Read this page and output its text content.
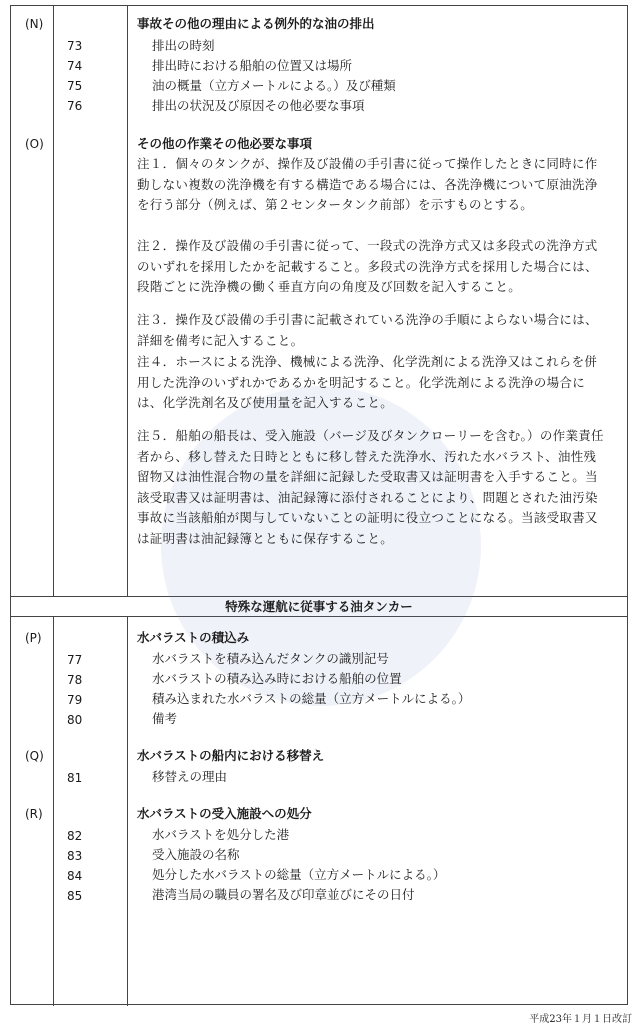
(N)	事故その他の理由による例外的な油の排出
73	排出の時刻
74	排出時における船舶の位置又は場所
75	油の概量（立方メートルによる。）及び種類
76	排出の状況及び原因その他必要な事項
(O)	その他の作業その他必要な事項
注１．個々のタンクが、操作及び設備の手引書に従って操作したときに同時に作動しない複数の洗浄機を有する構造である場合には、各洗浄機について原油洗浄を行う部分（例えば、第２センタータンク前部）を示すものとする。
注２．操作及び設備の手引書に従って、一段式の洗浄方式又は多段式の洗浄方式のいずれを採用したかを記載すること。多段式の洗浄方式を採用した場合には、段階ごとに洗浄機の働く垂直方向の角度及び回数を記入すること。
注３．操作及び設備の手引書に記載されている洗浄の手順によらない場合には、詳細を備考に記入すること。
注４．ホースによる洗浄、機械による洗浄、化学洗剤による洗浄又はこれらを併用した洗浄のいずれかであるかを明記すること。化学洗剤による洗浄の場合には、化学洗剤名及び使用量を記入すること。
注５．船舶の船長は、受入施設（バージ及びタンクローリーを含む。）の作業責任者から、移し替えた日時とともに移し替えた洗浄水、汚れた水バラスト、油性残留物又は油性混合物の量を詳細に記録した受取書又は証明書を入手すること。当該受取書又は証明書は、油記録簿に添付されることにより、問題とされた油汚染事故に当該船舶が関与していないことの証明に役立つことになる。当該受取書又は証明書は油記録簿とともに保存すること。
特殊な運航に従事する油タンカー
(P)	水バラストの積込み
77	水バラストを積み込んだタンクの識別記号
78	水バラストの積み込み時における船舶の位置
79	積み込まれた水バラストの総量（立方メートルによる。）
80	備考
(Q)	水バラストの船内における移替え
81	移替えの理由
(R)	水バラストの受入施設への処分
82	水バラストを処分した港
83	受入施設の名称
84	処分した水バラストの総量（立方メートルによる。）
85	港湾当局の職員の署名及び印章並びにその日付
平成23年１月１日改訂
